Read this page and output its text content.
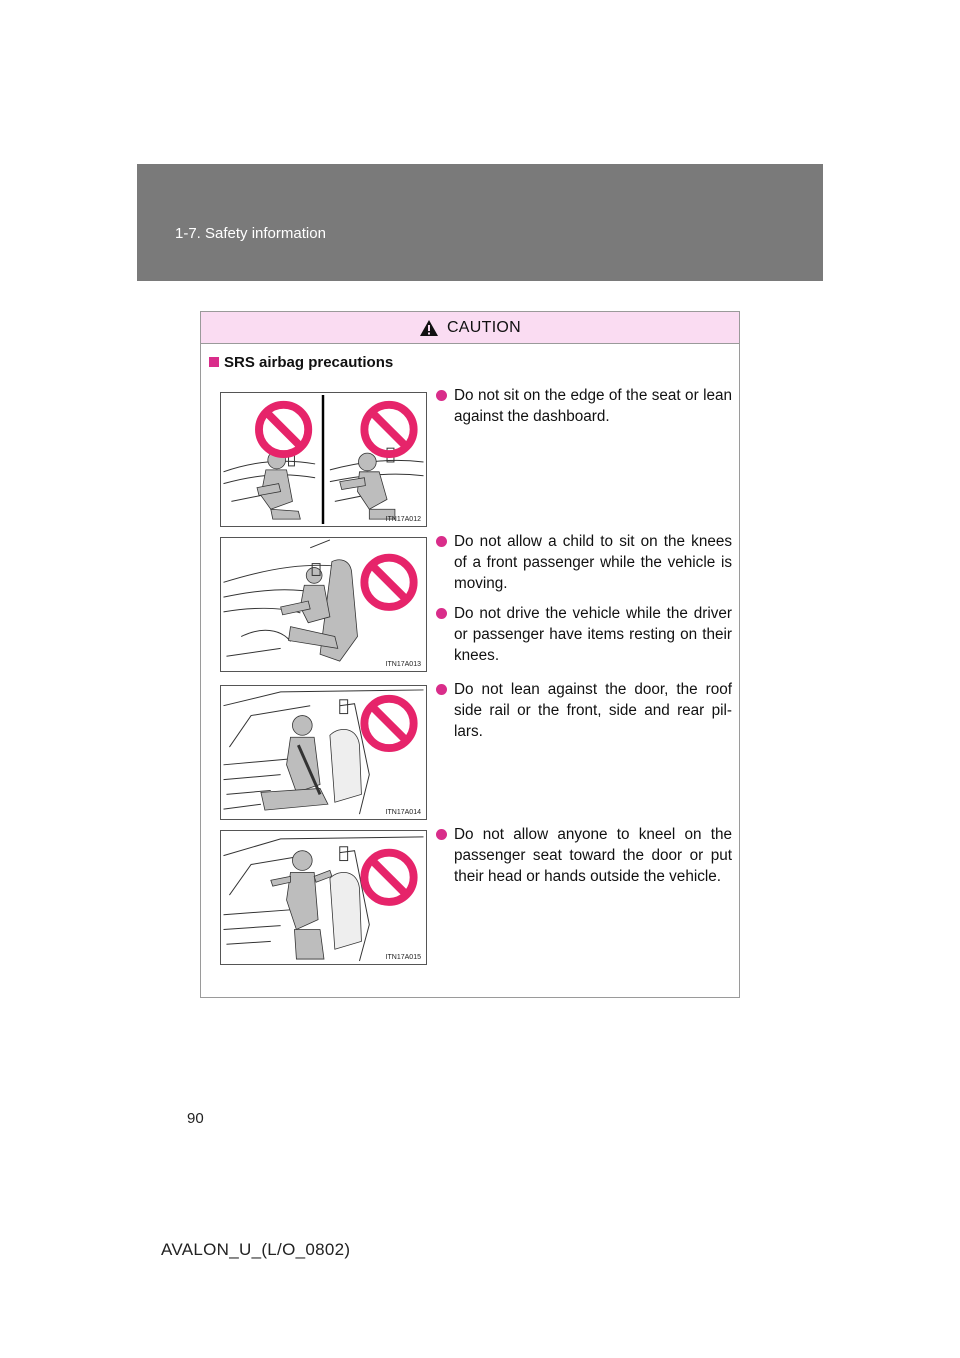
1-7. Safety information
CAUTION
SRS airbag precautions
ITN17A012
ITN17A013
ITN17A014
ITN17A015
Do not sit on the edge of the seat or lean against the dashboard.
Do not allow a child to sit on the knees of a front passenger while the vehicle is moving.
Do not drive the vehicle while the driver or passenger have items resting on their knees.
Do not lean against the door, the roof side rail or the front, side and rear pil-lars.
Do not allow anyone to kneel on the passenger seat toward the door or put their head or hands outside the vehicle.
90
AVALON_U_(L/O_0802)
